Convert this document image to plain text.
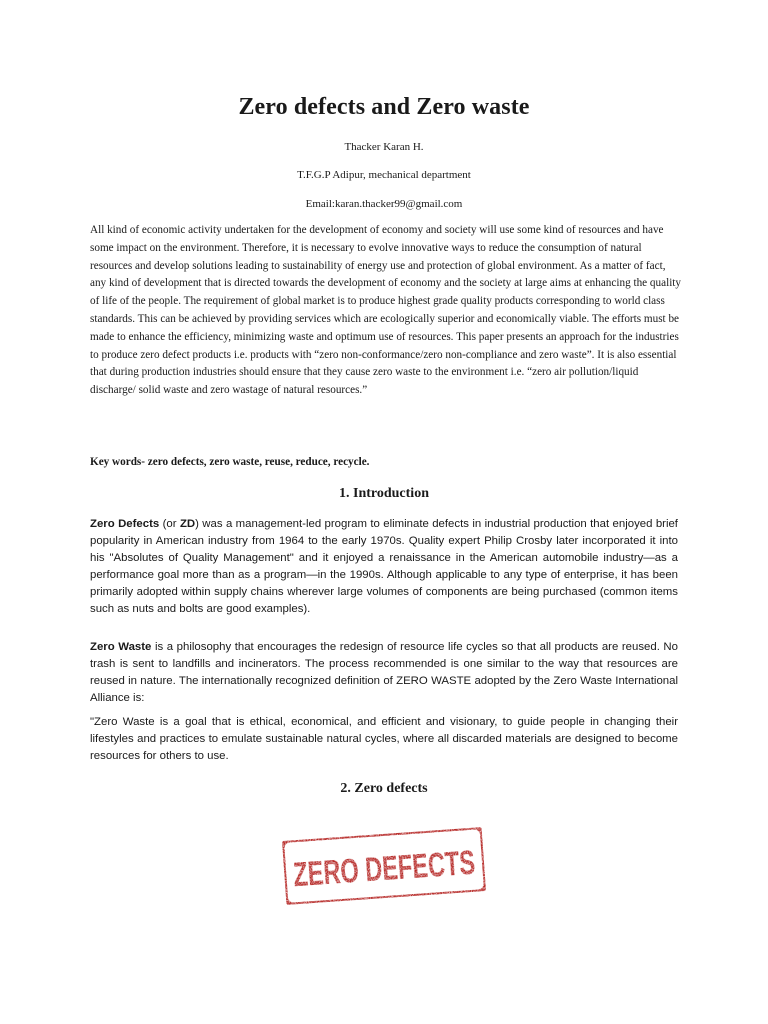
Zero defects and Zero waste
Thacker Karan H.
T.F.G.P Adipur, mechanical department
Email:karan.thacker99@gmail.com
All kind of economic activity undertaken for the development of economy and society will use some kind of resources and have some impact on the environment. Therefore, it is necessary to evolve innovative ways to reduce the consumption of natural resources and develop solutions leading to sustainability of energy use and protection of global environment. As a matter of fact, any kind of development that is directed towards the development of economy and the society at large aims at enhancing the quality of life of the people. The requirement of global market is to produce highest grade quality products corresponding to world class standards. This can be achieved by providing services which are ecologically superior and economically viable. The efforts must be made to enhance the efficiency, minimizing waste and optimum use of resources. This paper presents an approach for the industries to produce zero defect products i.e. products with “zero non-conformance/zero non-compliance and zero waste”. It is also essential that during production industries should ensure that they cause zero waste to the environment i.e. “zero air pollution/liquid discharge/ solid waste and zero wastage of natural resources.”
Key words- zero defects, zero waste, reuse, reduce, recycle.
1. Introduction
Zero Defects (or ZD) was a management-led program to eliminate defects in industrial production that enjoyed brief popularity in American industry from 1964 to the early 1970s. Quality expert Philip Crosby later incorporated it into his "Absolutes of Quality Management" and it enjoyed a renaissance in the American automobile industry—as a performance goal more than as a program—in the 1990s. Although applicable to any type of enterprise, it has been primarily adopted within supply chains wherever large volumes of components are being purchased (common items such as nuts and bolts are good examples).
Zero Waste is a philosophy that encourages the redesign of resource life cycles so that all products are reused. No trash is sent to landfills and incinerators. The process recommended is one similar to the way that resources are reused in nature. The internationally recognized definition of ZERO WASTE adopted by the Zero Waste International Alliance is:
"Zero Waste is a goal that is ethical, economical, and efficient and visionary, to guide people in changing their lifestyles and practices to emulate sustainable natural cycles, where all discarded materials are designed to become resources for others to use.
2. Zero defects
ZERO DEFECTS
